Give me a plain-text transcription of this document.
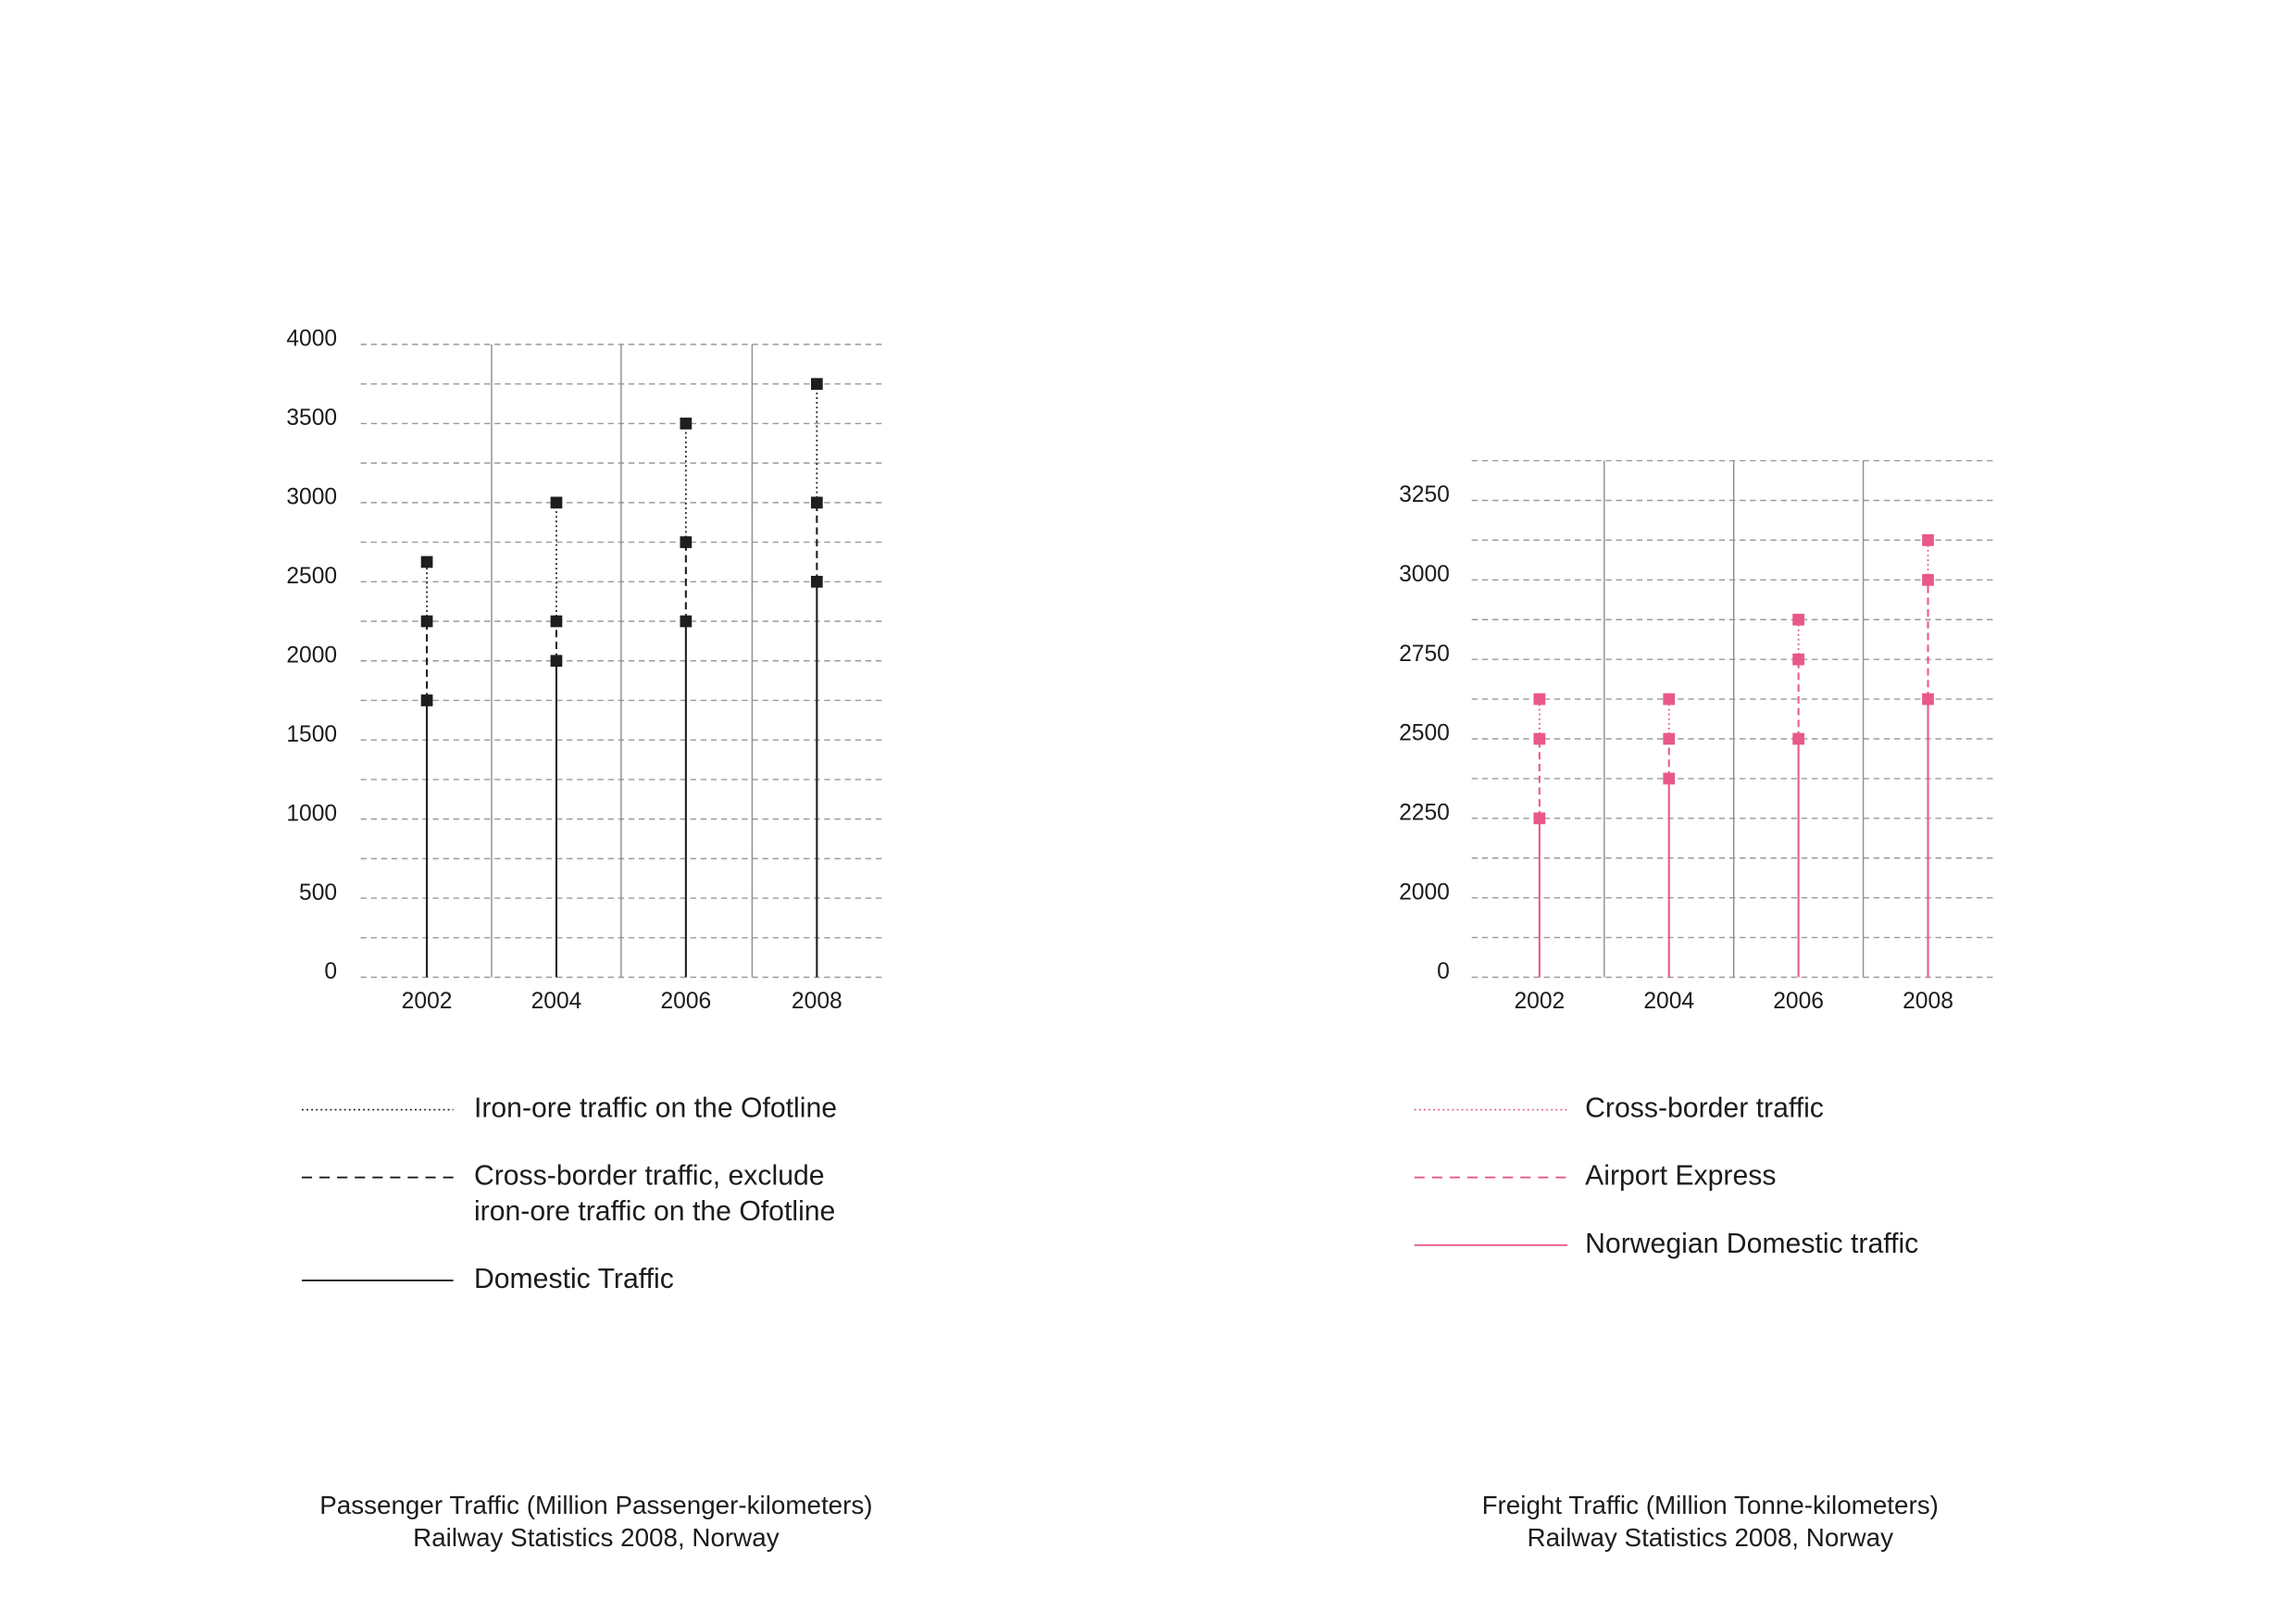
0
500
1000
1500
2000
2500
3000
3500
4000
2002	2004	2006	2008
Iron-ore traffic on the Ofotline
Cross-border traffic, exclude
iron-ore traffic on the Ofotline
Domestic Traffic
Passenger Traffic (Million Passenger-kilometers)
Railway Statistics 2008, Norway
0
2000
2250
2500
2750
3000
3250
2002	2004	2006	2008
Cross-border traffic
Airport Express
Norwegian Domestic traffic
Freight Traffic (Million Tonne-kilometers)
Railway Statistics 2008, Norway
